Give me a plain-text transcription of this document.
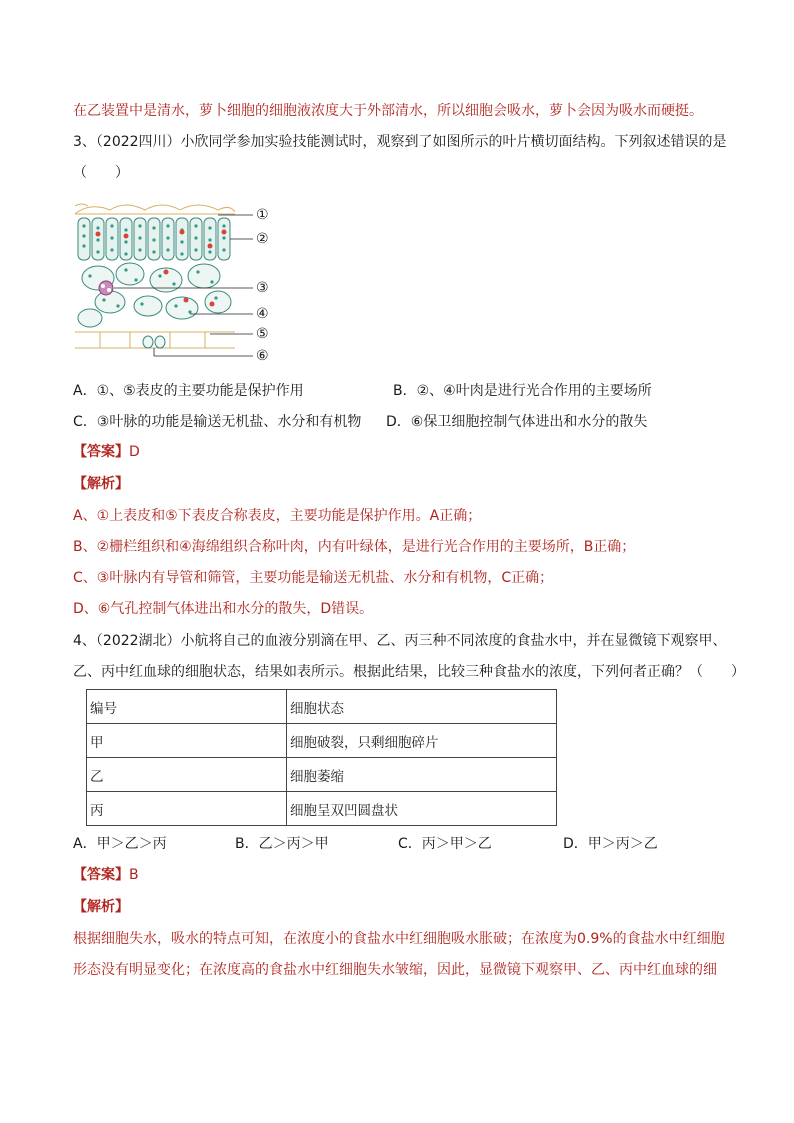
在乙装置中是清水，萝卜细胞的细胞液浓度大于外部清水，所以细胞会吸水，萝卜会因为吸水而硬挺。
3、（2022四川）小欣同学参加实验技能测试时，观察到了如图所示的叶片横切面结构。下列叙述错误的是
（　　）
①
②
③
④
⑤
⑥
A．①、⑤表皮的主要功能是保护作用	B．②、④叶肉是进行光合作用的主要场所
C．③叶脉的功能是输送无机盐、水分和有机物 D．⑥保卫细胞控制气体进出和水分的散失
【答案】D
【解析】
A、①上表皮和⑤下表皮合称表皮，主要功能是保护作用。A正确；
B、②栅栏组织和④海绵组织合称叶肉，内有叶绿体，是进行光合作用的主要场所，B正确；
C、③叶脉内有导管和筛管，主要功能是输送无机盐、水分和有机物，C正确；
D、⑥气孔控制气体进出和水分的散失，D错误。
4、（2022湖北）小航将自己的血液分别滴在甲、乙、丙三种不同浓度的食盐水中，并在显微镜下观察甲、
乙、丙中红血球的细胞状态，结果如表所示。根据此结果，比较三种食盐水的浓度，下列何者正确？（　　）
编号	细胞状态
甲	细胞破裂，只剩细胞碎片
乙	细胞萎缩
丙	细胞呈双凹圆盘状
A．甲＞乙＞丙	B．乙＞丙＞甲	C．丙＞甲＞乙	D．甲＞丙＞乙
【答案】B
【解析】
根据细胞失水，吸水的特点可知，在浓度小的食盐水中红细胞吸水胀破；在浓度为0.9%的食盐水中红细胞
形态没有明显变化；在浓度高的食盐水中红细胞失水皱缩，因此，显微镜下观察甲、乙、丙中红血球的细
